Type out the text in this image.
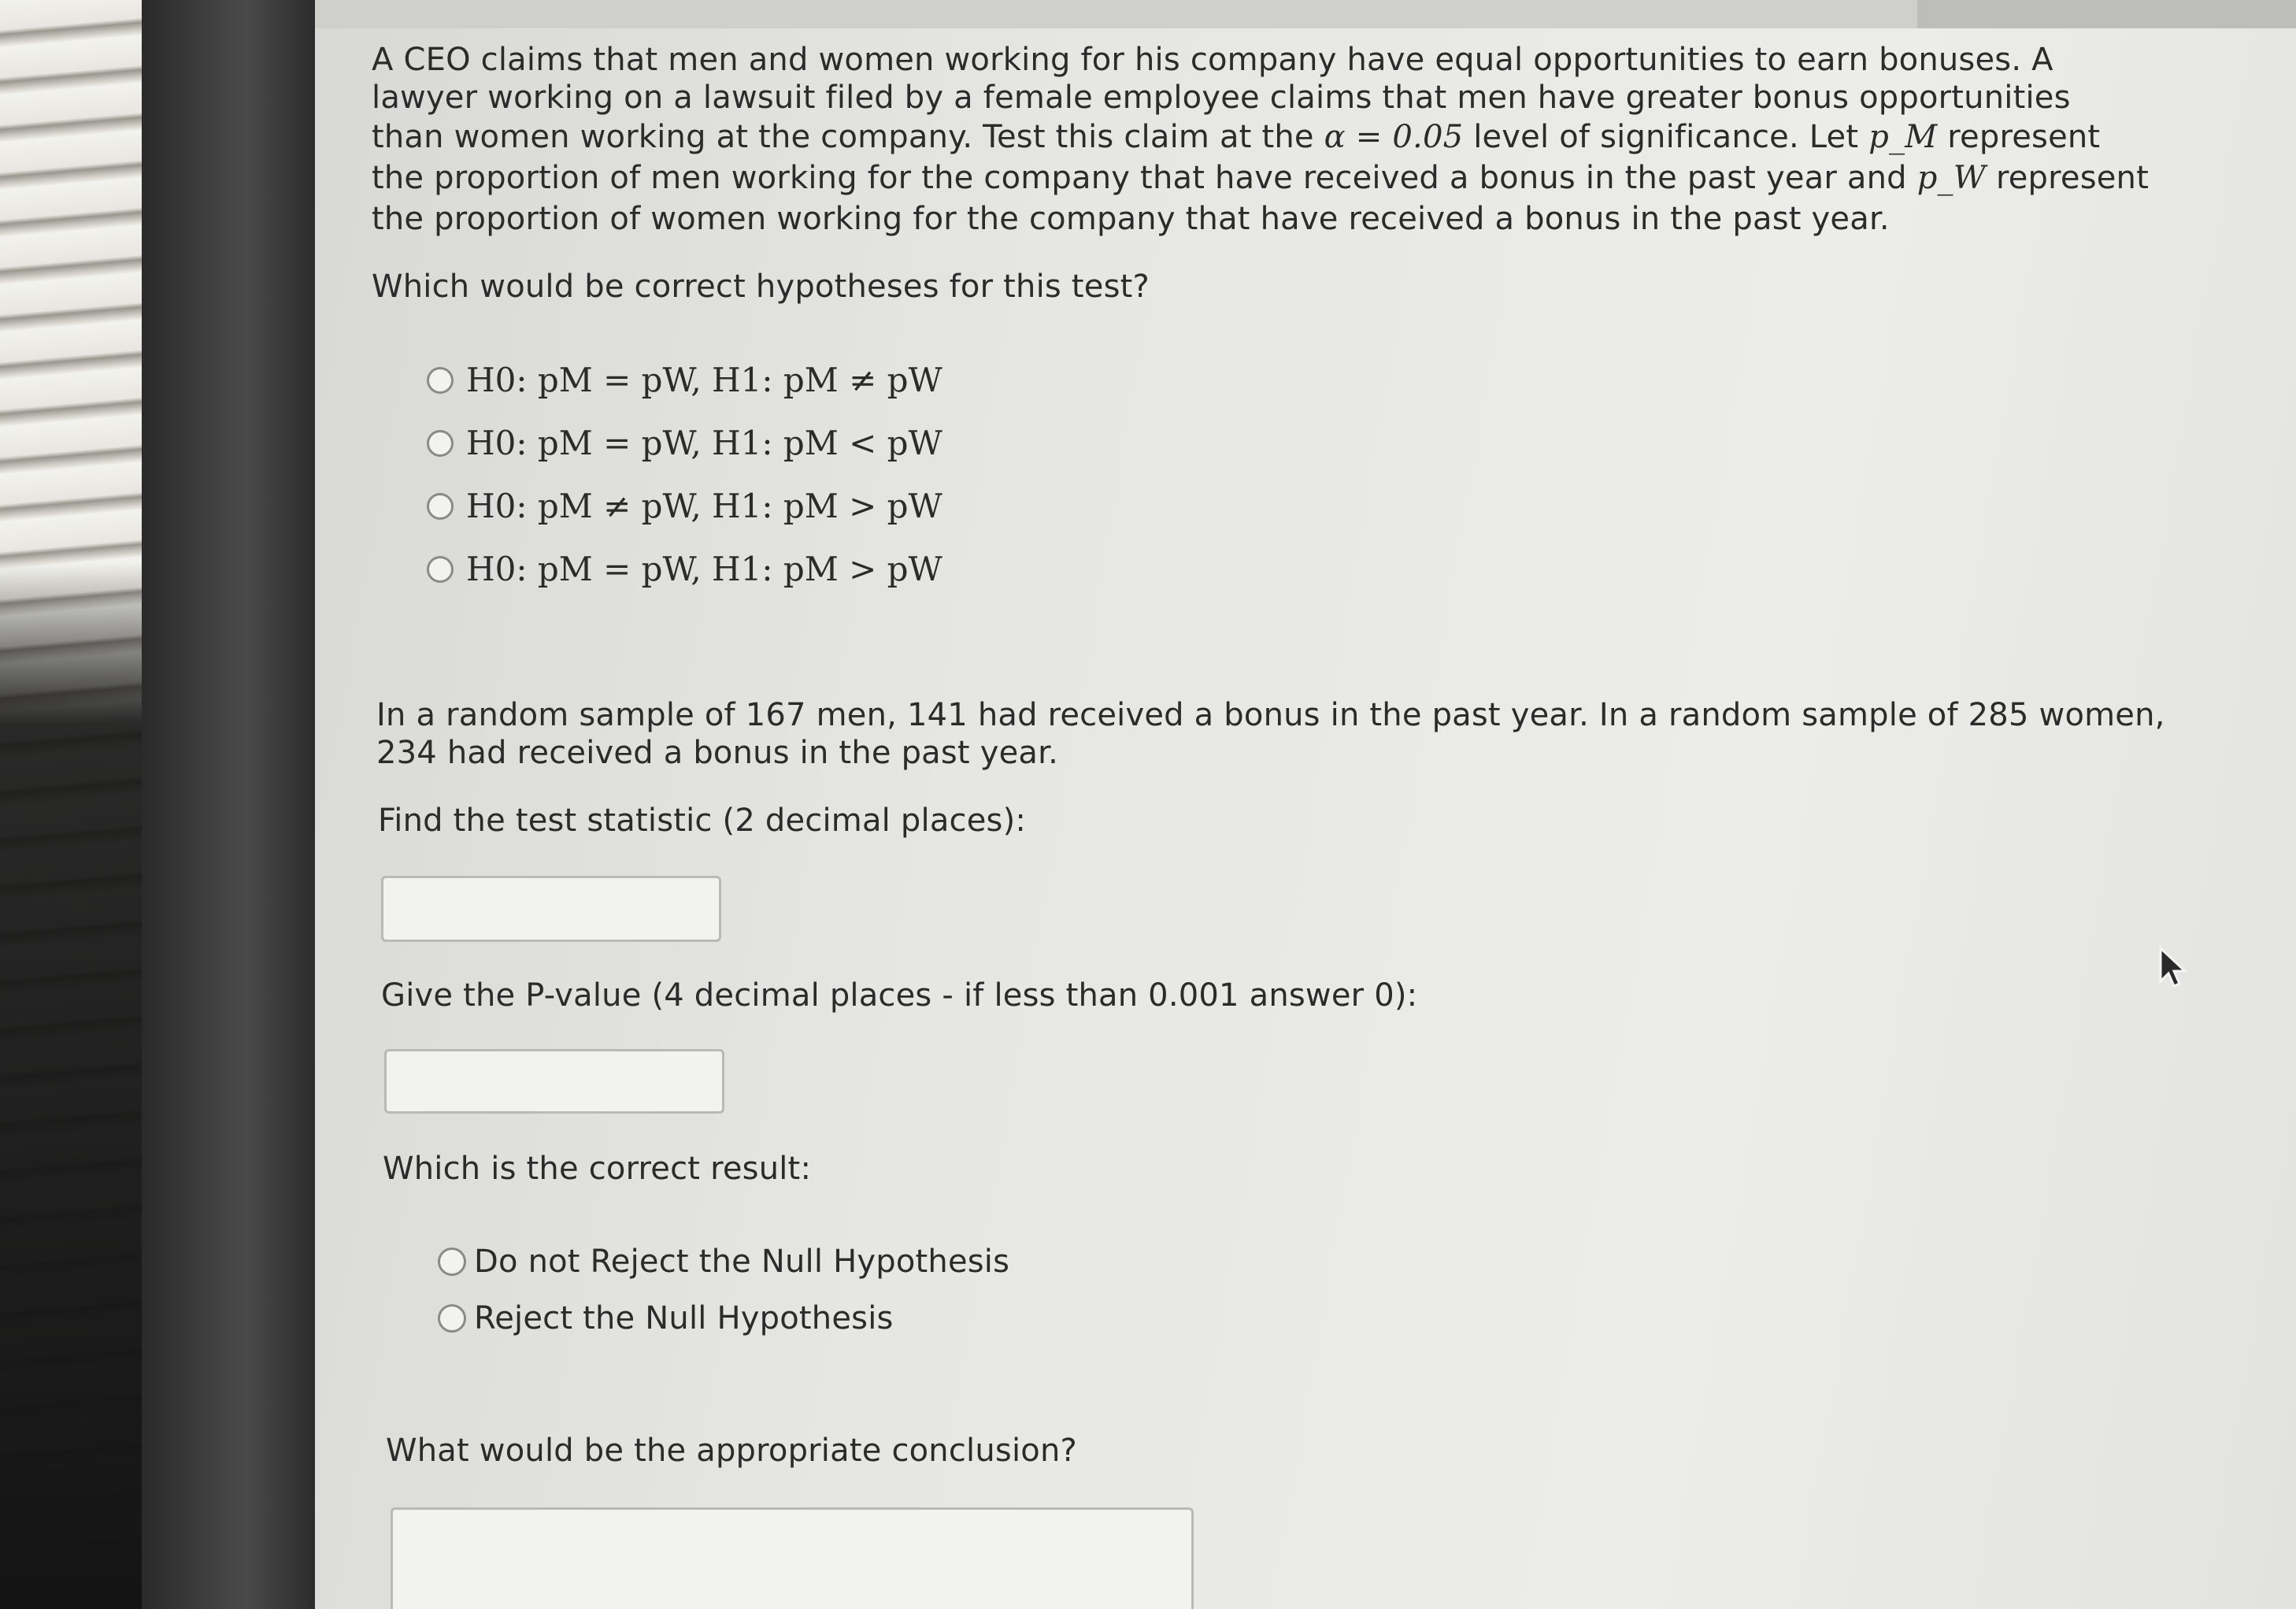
A CEO claims that men and women working for his company have equal opportunities to earn bonuses. A
lawyer working on a lawsuit filed by a female employee claims that men have greater bonus opportunities
than women working at the company. Test this claim at the α = 0.05 level of significance. Let p_M represent
the proportion of men working for the company that have received a bonus in the past year and p_W represent
the proportion of women working for the company that have received a bonus in the past year.
Which would be correct hypotheses for this test?
H0: pM = pW, H1: pM ≠ pW
H0: pM = pW, H1: pM < pW
H0: pM ≠ pW, H1: pM > pW
H0: pM = pW, H1: pM > pW
In a random sample of 167 men, 141 had received a bonus in the past year. In a random sample of 285 women,
234 had received a bonus in the past year.
Find the test statistic (2 decimal places):
Give the P-value (4 decimal places - if less than 0.001 answer 0):
Which is the correct result:
Do not Reject the Null Hypothesis
Reject the Null Hypothesis
What would be the appropriate conclusion?
